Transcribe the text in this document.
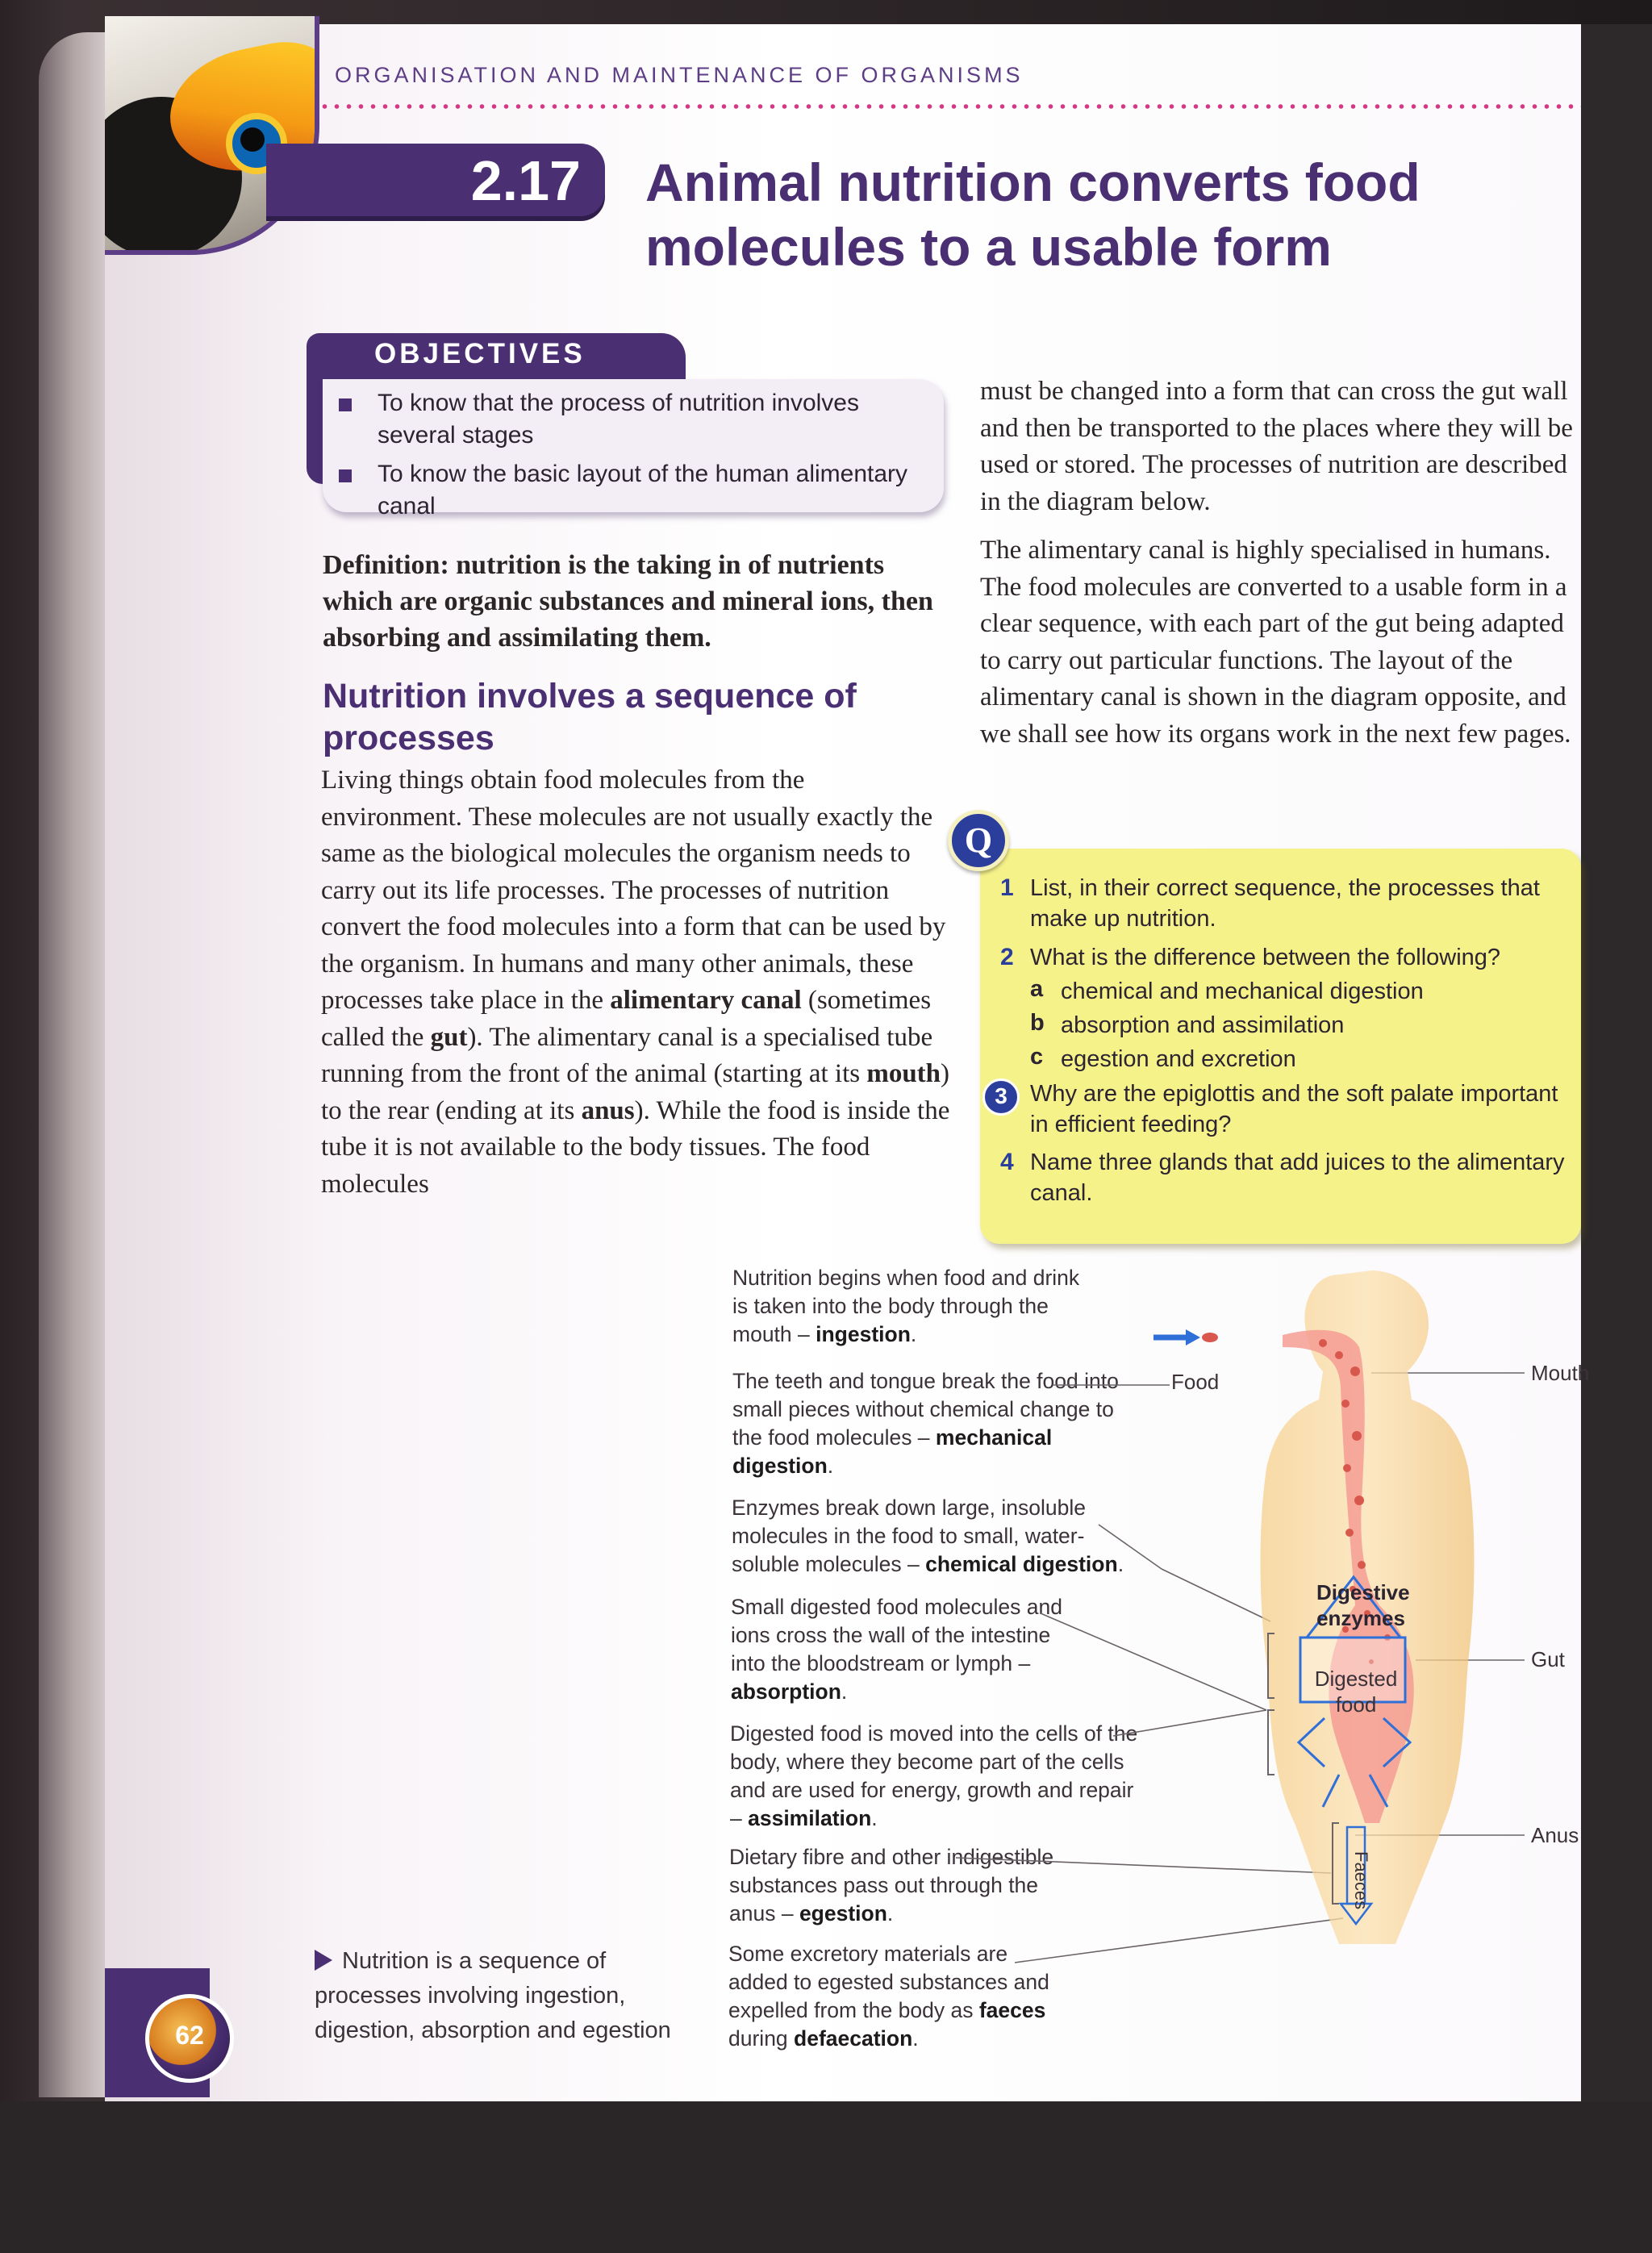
ORGANISATION AND MAINTENANCE OF ORGANISMS
2.17 Animal nutrition converts food
molecules to a usable form
OBJECTIVES
To know that the process of nutrition involves several stages
To know the basic layout of the human alimentary canal
Definition: nutrition is the taking in of nutrients which are organic substances and mineral ions, then absorbing and assimilating them.
Nutrition involves a sequence of processes
Living things obtain food molecules from the environment. These molecules are not usually exactly the same as the biological molecules the organism needs to carry out its life processes. The processes of nutrition convert the food molecules into a form that can be used by the organism. In humans and many other animals, these processes take place in the alimentary canal (sometimes called the gut). The alimentary canal is a specialised tube running from the front of the animal (starting at its mouth) to the rear (ending at its anus). While the food is inside the tube it is not available to the body tissues. The food molecules
must be changed into a form that can cross the gut wall and then be transported to the places where they will be used or stored. The processes of nutrition are described in the diagram below.
The alimentary canal is highly specialised in humans. The food molecules are converted to a usable form in a clear sequence, with each part of the gut being adapted to carry out particular functions. The layout of the alimentary canal is shown in the diagram opposite, and we shall see how its organs work in the next few pages.
1 List, in their correct sequence, the processes that make up nutrition.
2 What is the difference between the following?
a chemical and mechanical digestion
b absorption and assimilation
c egestion and excretion
Why are the epiglottis and the soft palate important in efficient feeding?
4 Name three glands that add juices to the alimentary canal.
3
Q
Nutrition begins when food and drink is taken into the body through the mouth – ingestion.
The teeth and tongue break the food into small pieces without chemical change to the food molecules – mechanical digestion.
Enzymes break down large, insoluble molecules in the food to small, water-soluble molecules – chemical digestion.
Small digested food molecules and ions cross the wall of the intestine into the bloodstream or lymph – absorption.
Digested food is moved into the cells of the body, where they become part of the cells and are used for energy, growth and repair – assimilation.
Dietary fibre and other indigestible substances pass out through the anus – egestion.
Some excretory materials are added to egested substances and expelled from the body as faeces during defaecation.
Food	Mouth
Gut
Anus
Digestive
enzymes
Digested
food
Faeces
Nutrition is a sequence of processes involving ingestion, digestion, absorption and egestion
62
